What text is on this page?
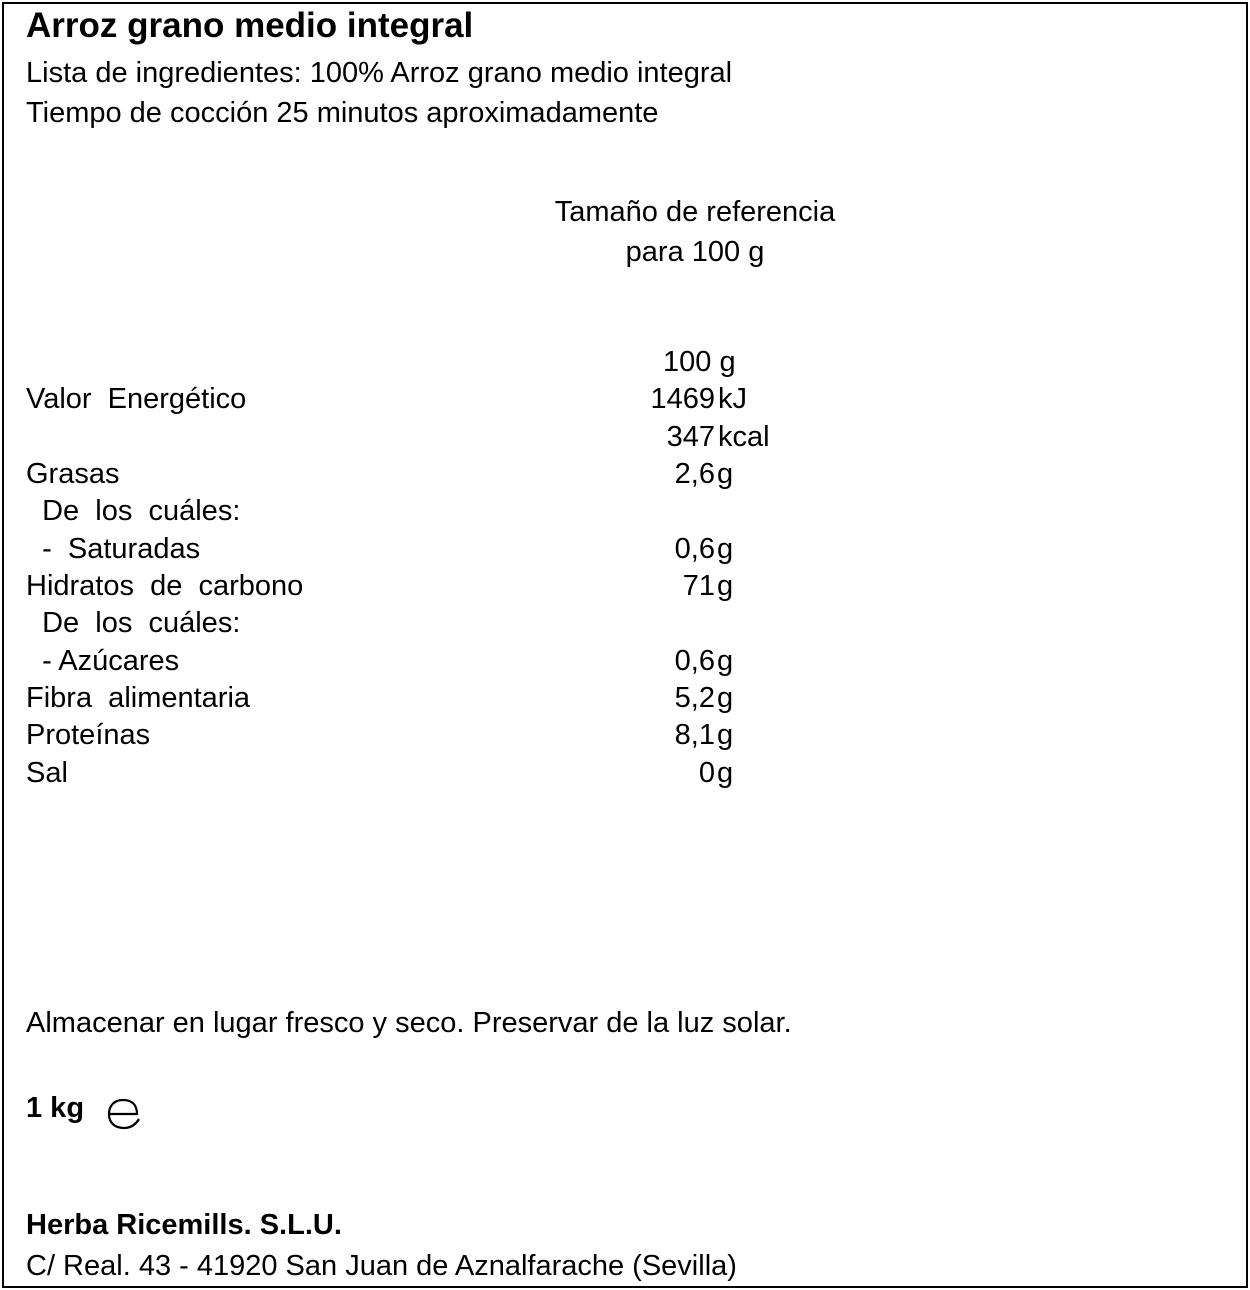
Arroz grano medio integral
Lista de ingredientes: 100% Arroz grano medio integral
Tiempo de cocción 25 minutos aproximadamente
Tamaño de referencia
para 100 g
100 g
Valor  Energético	1469 kJ
347 kcal
Grasas	2,6 g
De  los  cuáles:
-  Saturadas	0,6 g
Hidratos  de  carbono	71 g
De  los  cuáles:
- Azúcares	0,6 g
Fibra  alimentaria	5,2 g
Proteínas	8,1 g
Sal	0 g
Almacenar en lugar fresco y seco. Preservar de la luz solar.
1 kg
Herba Ricemills. S.L.U.
C/ Real. 43 - 41920 San Juan de Aznalfarache (Sevilla)
